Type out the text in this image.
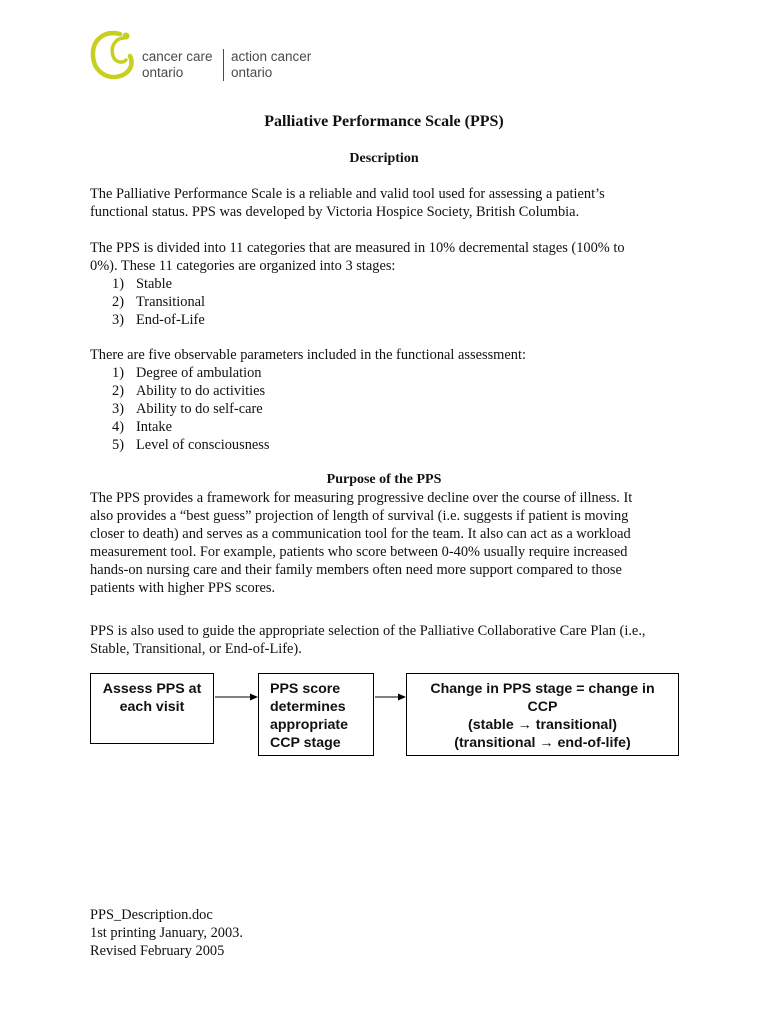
cancer care
ontario
action cancer
ontario
Palliative Performance Scale (PPS)
Description
The Palliative Performance Scale is a reliable and valid tool used for assessing a patient’s
functional status. PPS was developed by Victoria Hospice Society, British Columbia.
The PPS is divided into 11 categories that are measured in 10% decremental stages (100% to
0%). These 11 categories are organized into 3 stages:
1) Stable
2) Transitional
3) End-of-Life
There are five observable parameters included in the functional assessment:
1) Degree of ambulation
2) Ability to do activities
3) Ability to do self-care
4) Intake
5) Level of consciousness
Purpose of the PPS
The PPS provides a framework for measuring progressive decline over the course of illness. It
also provides a “best guess” projection of length of survival (i.e. suggests if patient is moving
closer to death) and serves as a communication tool for the team. It also can act as a workload
measurement tool. For example, patients who score between 0-40% usually require increased
hands-on nursing care and their family members often need more support compared to those
patients with higher PPS scores.
PPS is also used to guide the appropriate selection of the Palliative Collaborative Care Plan (i.e.,
Stable, Transitional, or End-of-Life).
Assess PPS at
each visit
PPS score
determines
appropriate
CCP stage
Change in PPS stage = change in
CCP
(stable → transitional)
(transitional → end-of-life)
PPS_Description.doc
1st printing January, 2003.
Revised February 2005
